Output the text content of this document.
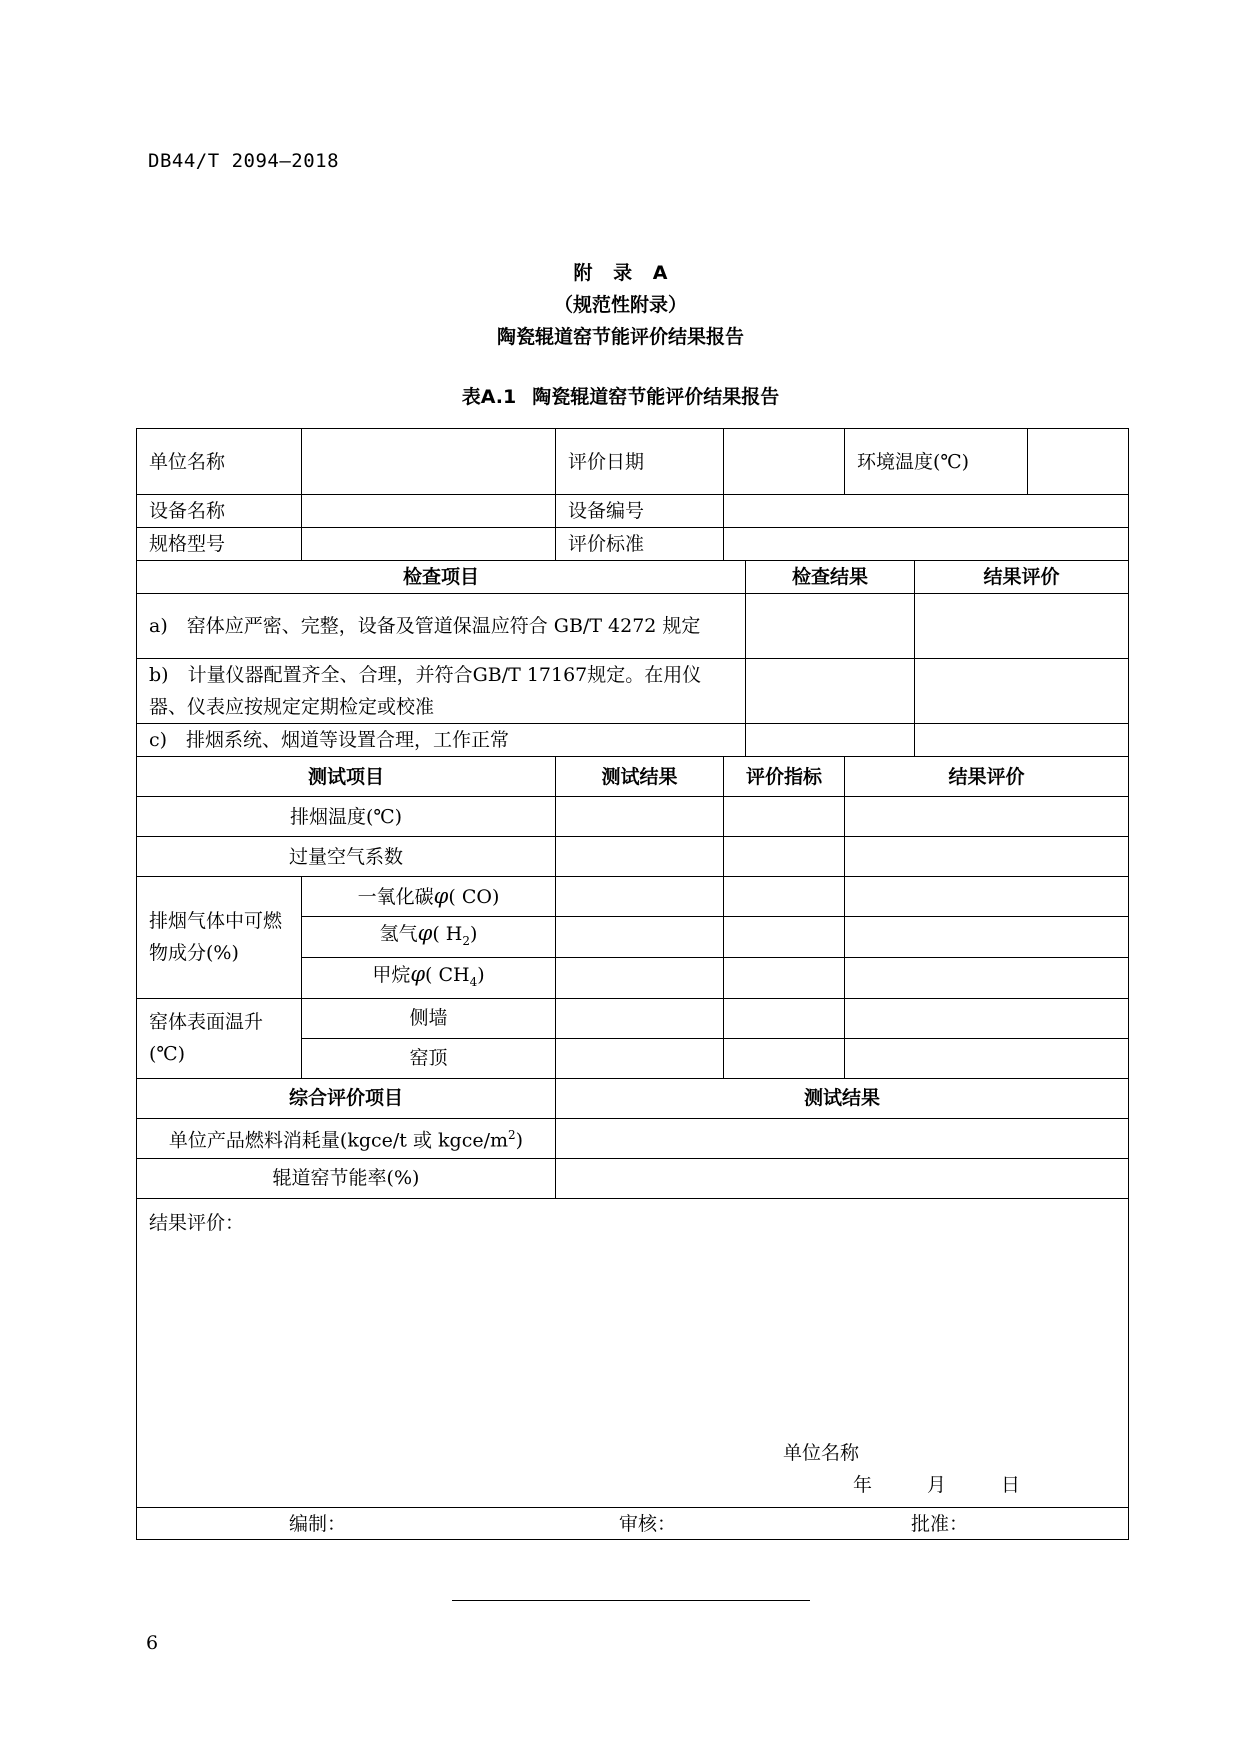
DB44/T 2094—2018
附 录 A
（规范性附录）
陶瓷辊道窑节能评价结果报告
表A.1 陶瓷辊道窑节能评价结果报告
单位名称		评价日期			环境温度(℃)		
设备名称		设备编号					
规格型号		评价标准					
检查项目				检查结果		结果评价	
a)　窑体应严密、完整，设备及管道保温应符合 GB/T 4272 规定							
b)　计量仪器配置齐全、合理，并符合GB/T 17167规定。在用仪器、仪表应按规定定期检定或校准							
c)　排烟系统、烟道等设置合理，工作正常							
测试项目		测试结果	评价指标		结果评价		
排烟温度(℃)							
过量空气系数							
排烟气体中可燃物成分(%)	一氧化碳φ( CO)						
	氢气φ( $H_2$)						
	甲烷φ( $CH_4$)						
窑体表面温升(℃)	侧墙						
	窑顶						
综合评价项目		测试结果					
单位产品燃料消耗量(kgce/t 或 kgce/$m^2$)							
辊道窑节能率(%)							

结果评价：
单位名称
年 月 日							

编制： 审核： 批准：							
6
